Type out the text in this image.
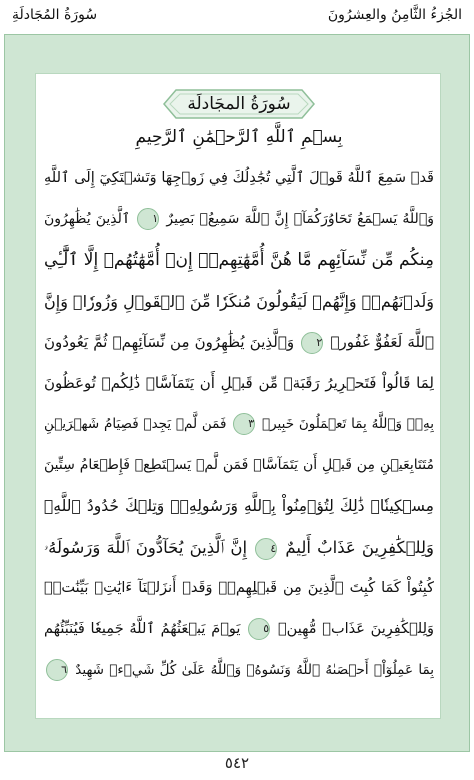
سُورَةُ المُجَادلَةِ	الجُزءُ الثَّامِنُ والعِشرُونَ
سُورَةُ المجَادلَة
بِسۡمِ ٱللَّهِ ٱلرَّحۡمَٰنِ ٱلرَّحِيمِ
قَدۡ سَمِعَ ٱللَّهُ قَوۡلَ ٱلَّتِي تُجَٰدِلُكَ فِي زَوۡجِهَا وَتَشۡتَكِيٓ إِلَى ٱللَّهِ
وَٱللَّهُ يَسۡمَعُ تَحَاوُرَكُمَآۚ إِنَّ ٱللَّهَ سَمِيعُۢ بَصِيرٌ ١ ٱلَّذِينَ يُظَٰهِرُونَ
مِنكُم مِّن نِّسَآئِهِم مَّا هُنَّ أُمَّهَٰتِهِمۡۖ إِنۡ أُمَّهَٰتُهُمۡ إِلَّا ٱلَّٰٓـِٔي
وَلَدۡنَهُمۡۚ وَإِنَّهُمۡ لَيَقُولُونَ مُنكَرٗا مِّنَ ٱلۡقَوۡلِ وَزُورٗاۚ وَإِنَّ
ٱللَّهَ لَعَفُوٌّ غَفُورٞ ٢ وَٱلَّذِينَ يُظَٰهِرُونَ مِن نِّسَآئِهِمۡ ثُمَّ يَعُودُونَ
لِمَا قَالُواْ فَتَحۡرِيرُ رَقَبَةٖ مِّن قَبۡلِ أَن يَتَمَآسَّاۚ ذَٰلِكُمۡ تُوعَظُونَ
بِهِۦۚ وَٱللَّهُ بِمَا تَعۡمَلُونَ خَبِيرٞ ٣ فَمَن لَّمۡ يَجِدۡ فَصِيَامُ شَهۡرَيۡنِ
مُتَتَابِعَيۡنِ مِن قَبۡلِ أَن يَتَمَآسَّاۖ فَمَن لَّمۡ يَسۡتَطِعۡ فَإِطۡعَامُ سِتِّينَ
مِسۡكِينٗاۚ ذَٰلِكَ لِتُؤۡمِنُواْ بِٱللَّهِ وَرَسُولِهِۦۚ وَتِلۡكَ حُدُودُ ٱللَّهِۗ
وَلِلۡكَٰفِرِينَ عَذَابٌ أَلِيمٌ ٤ إِنَّ ٱلَّذِينَ يُحَآدُّونَ ٱللَّهَ وَرَسُولَهُۥ
كُبِتُواْ كَمَا كُبِتَ ٱلَّذِينَ مِن قَبۡلِهِمۡۚ وَقَدۡ أَنزَلۡنَآ ءَايَٰتِۭ بَيِّنَٰتٖۚ
وَلِلۡكَٰفِرِينَ عَذَابٞ مُّهِينٞ ٥ يَوۡمَ يَبۡعَثُهُمُ ٱللَّهُ جَمِيعٗا فَيُنَبِّئُهُم
بِمَا عَمِلُوٓاْۚ أَحۡصَىٰهُ ٱللَّهُ وَنَسُوهُۚ وَٱللَّهُ عَلَىٰ كُلِّ شَيۡءٖ شَهِيدٌ ٦
٥٤٢
